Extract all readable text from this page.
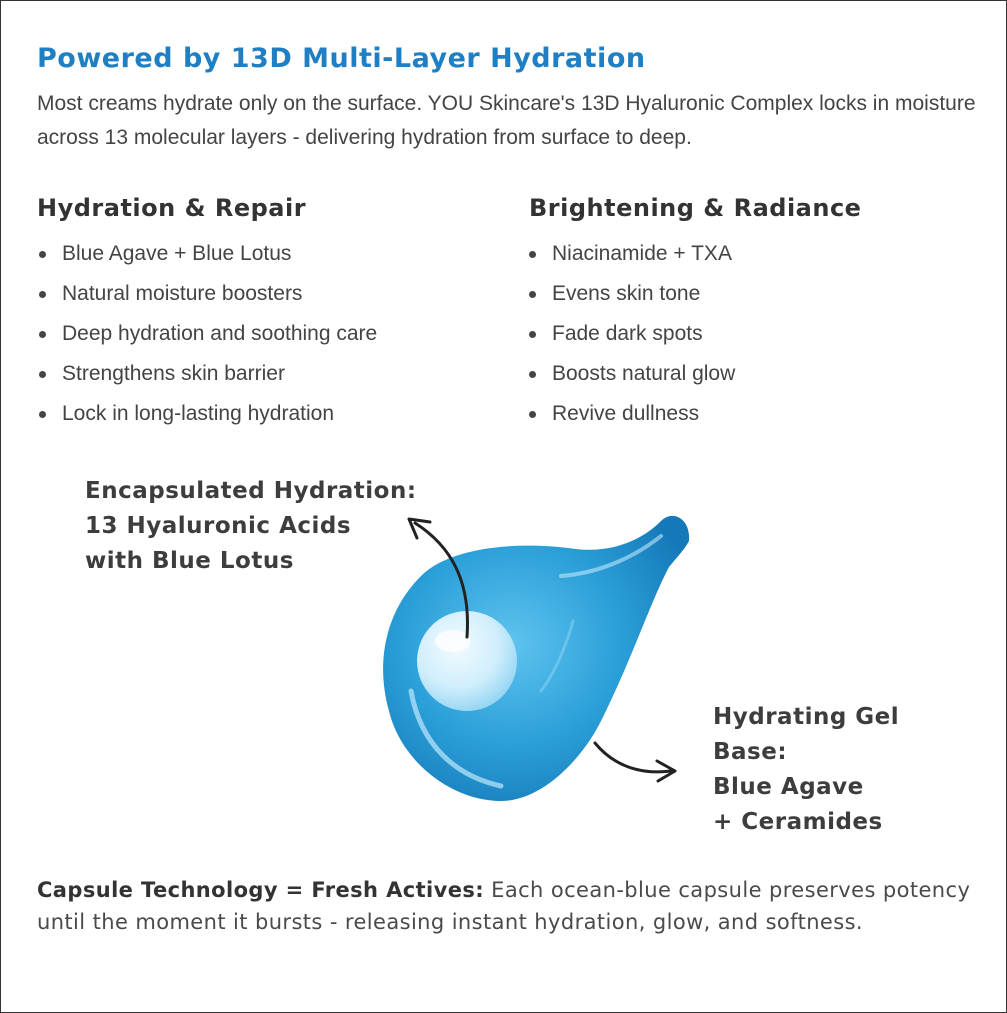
Powered by 13D Multi-Layer Hydration

Most creams hydrate only on the surface. YOU Skincare's 13D Hyaluronic Complex locks in moisture across 13 molecular layers - delivering hydration from surface to deep.

Hydration & Repair
Blue Agave + Blue Lotus
Natural moisture boosters
Deep hydration and soothing care
Strengthens skin barrier
Lock in long-lasting hydration
Brightening & Radiance
Niacinamide + TXA
Evens skin tone
Fade dark spots
Boosts natural glow
Revive dullness
Encapsulated Hydration:
13 Hyaluronic Acids
with Blue Lotus
Hydrating Gel
Base:
Blue Agave
+ Ceramides

Capsule Technology = Fresh Actives: Each ocean-blue capsule preserves potency until the moment it bursts - releasing instant hydration, glow, and softness.
